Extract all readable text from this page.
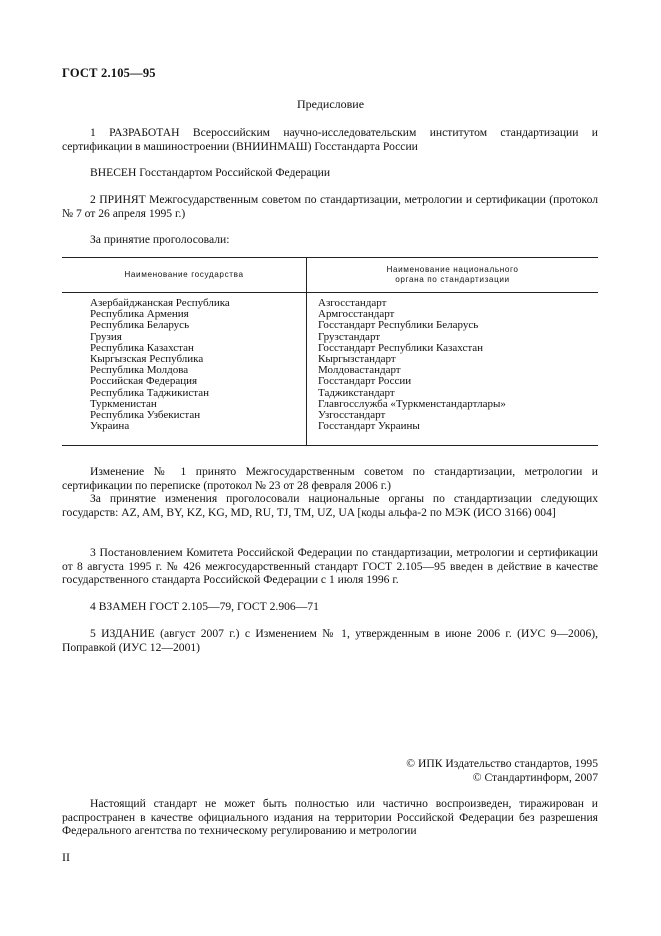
ГОСТ 2.105—95
Предисловие

1 РАЗРАБОТАН Всероссийским научно-исследовательским институтом стандартизации и сертификации в машиностроении (ВНИИНМАШ) Госстандарта России

ВНЕСЕН Госстандартом Российской Федерации

2 ПРИНЯТ Межгосударственным советом по стандартизации, метрологии и сертификации (протокол № 7 от 26 апреля 1995 г.)

За принятие проголосовали:

Наименование государства
Наименование национального
органа по стандартизации
Азербайджанская Республика
Республика Армения
Республика Беларусь
Грузия
Республика Казахстан
Кыргызская Республика
Республика Молдова
Российская Федерация
Республика Таджикистан
Туркменистан
Республика Узбекистан
Украина
Азгосстандарт
Армгосстандарт
Госстандарт Республики Беларусь
Грузстандарт
Госстандарт Республики Казахстан
Кыргызстандарт
Молдовастандарт
Госстандарт России
Таджикстандарт
Главгосслужба «Туркменстандартлары»
Узгосстандарт
Госстандарт Украины

Изменение № 1 принято Межгосударственным советом по стандартизации, метрологии и сертификации по переписке (протокол № 23 от 28 февраля 2006 г.)

За принятие изменения проголосовали национальные органы по стандартизации следующих государств: AZ, AM, BY, KZ, KG, MD, RU, TJ, TM, UZ, UA [коды альфа-2 по МЭК (ИСО 3166) 004]

3 Постановлением Комитета Российской Федерации по стандартизации, метрологии и сертификации от 8 августа 1995 г. № 426 межгосударственный стандарт ГОСТ 2.105—95 введен в действие в качестве государственного стандарта Российской Федерации с 1 июля 1996 г.

4 ВЗАМЕН ГОСТ 2.105—79, ГОСТ 2.906—71

5 ИЗДАНИЕ (август 2007 г.) с Изменением № 1, утвержденным в июне 2006 г. (ИУС 9—2006), Поправкой (ИУС 12—2001)

© ИПК Издательство стандартов, 1995
© Стандартинформ, 2007

Настоящий стандарт не может быть полностью или частично воспроизведен, тиражирован и распространен в качестве официального издания на территории Российской Федерации без разрешения Федерального агентства по техническому регулированию и метрологии

II
